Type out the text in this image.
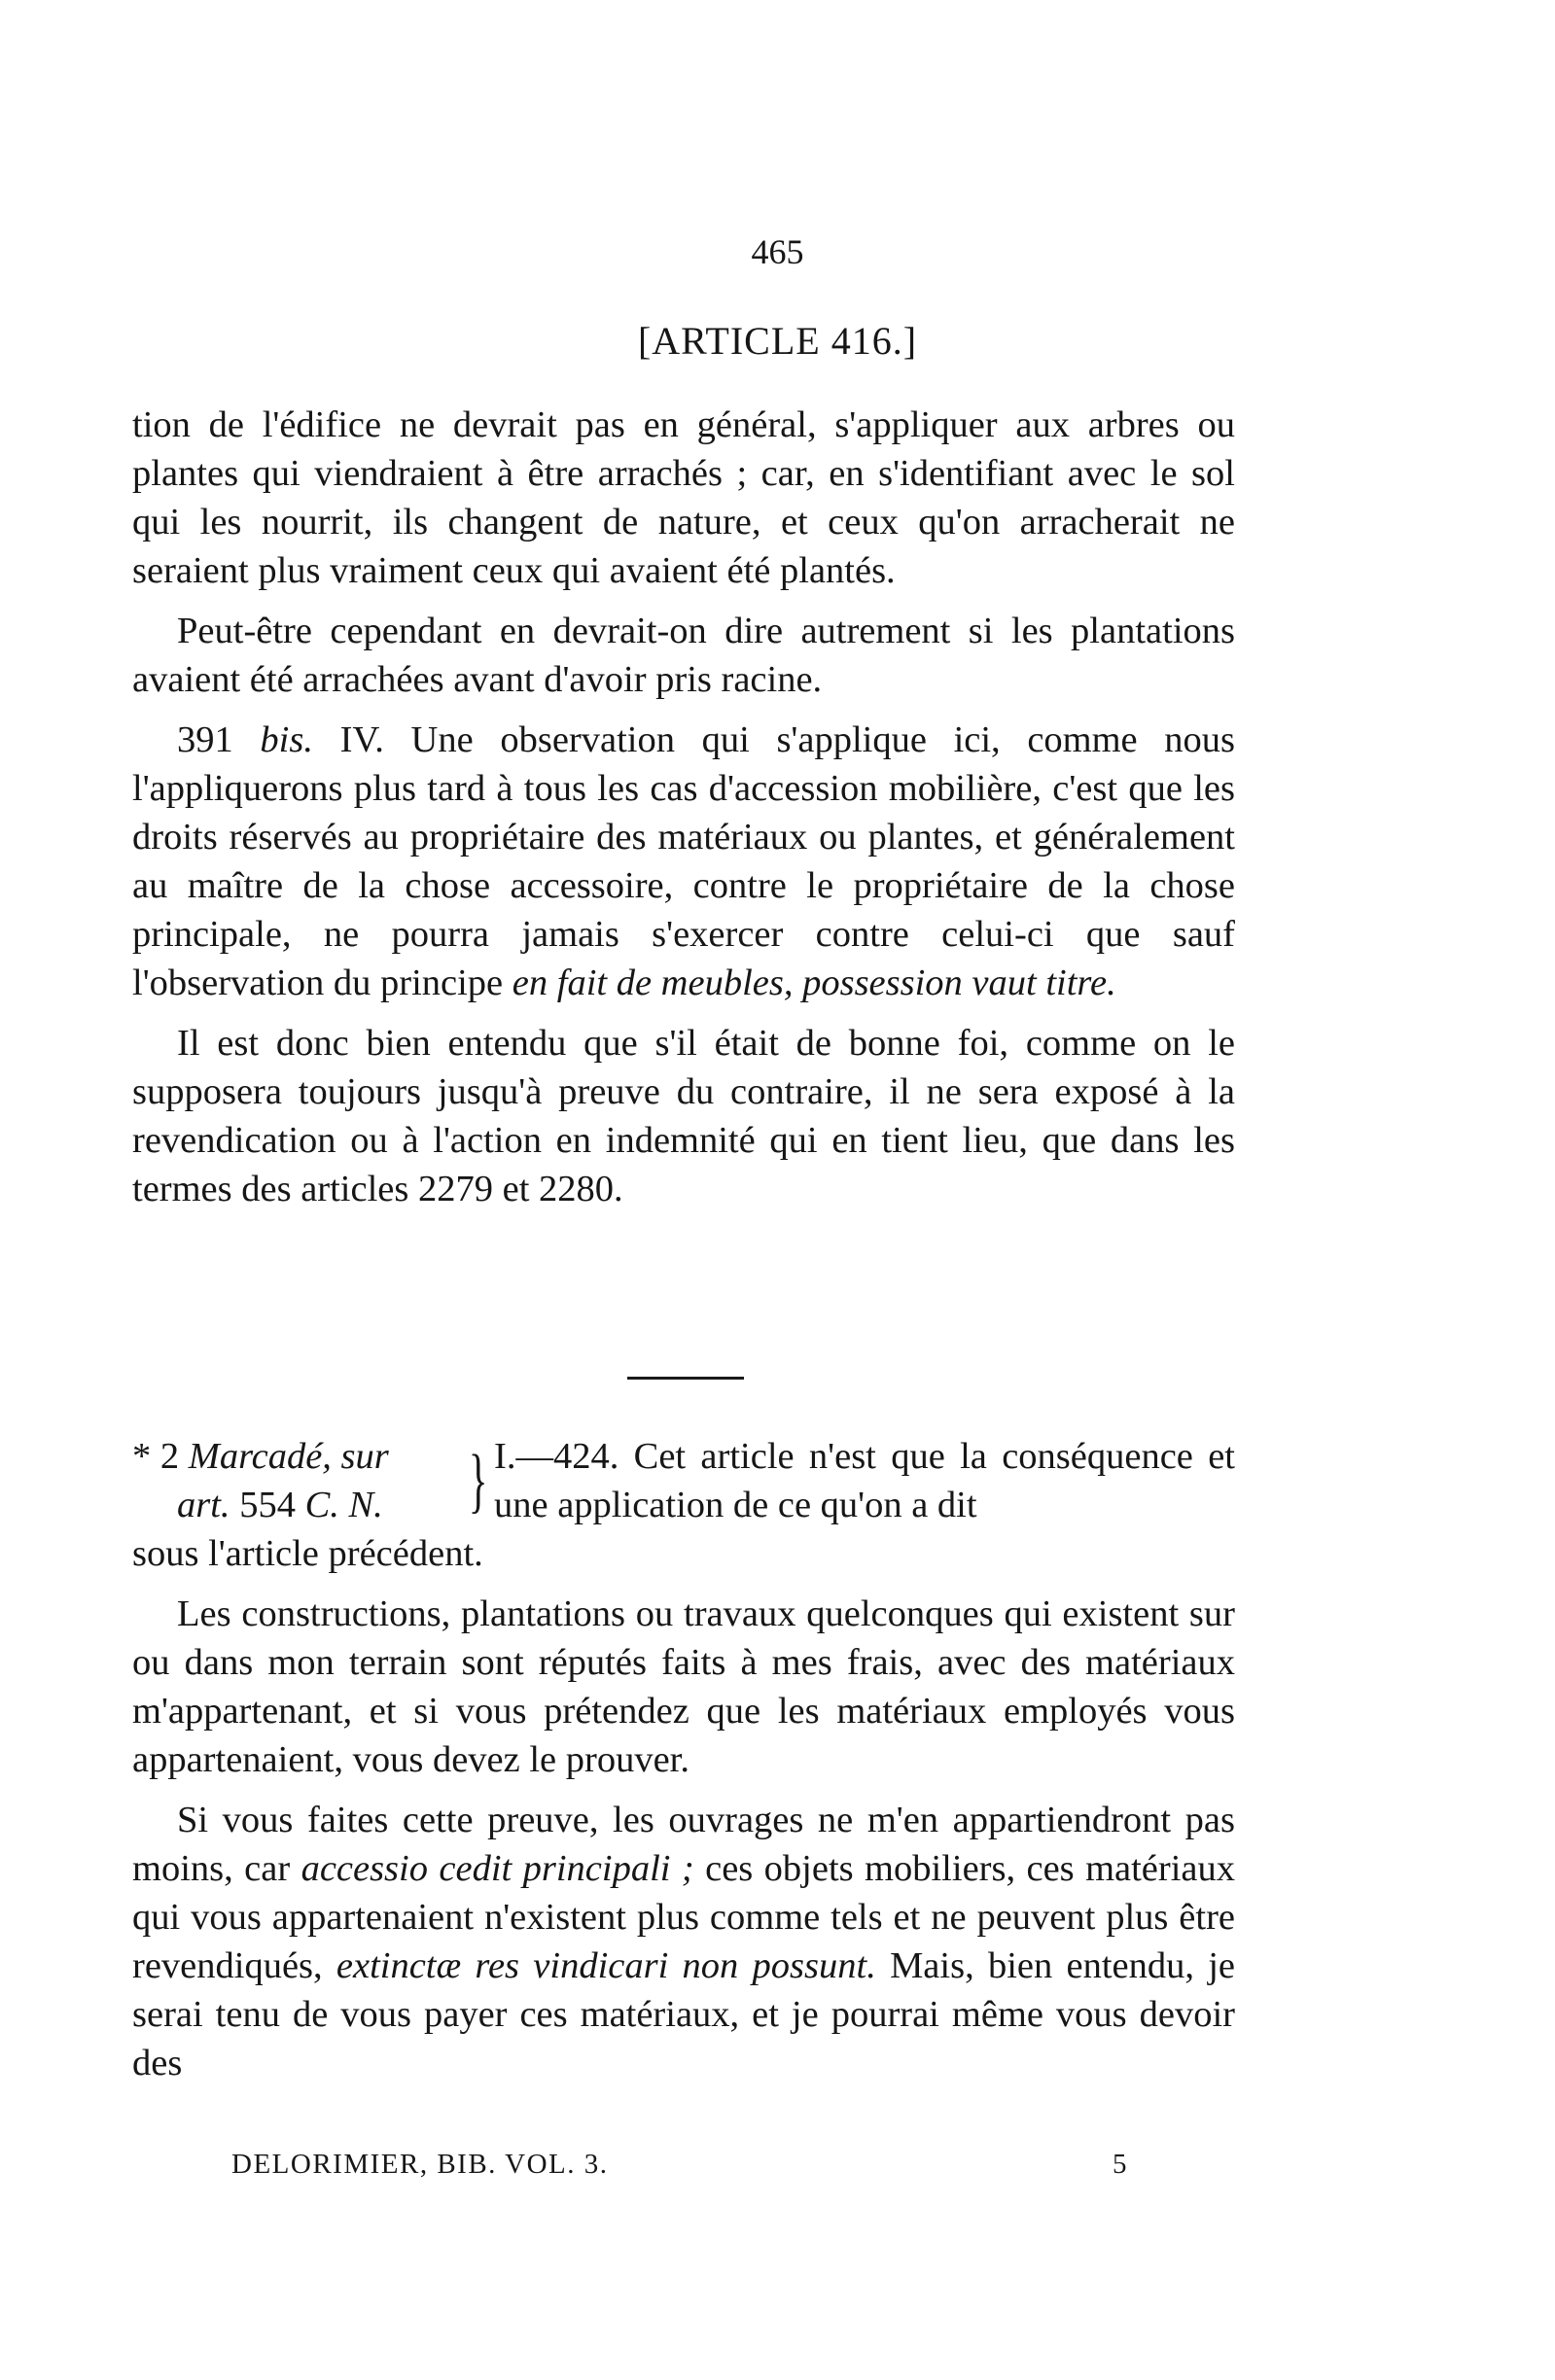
465
[ARTICLE 416.]

tion de l'édifice ne devrait pas en général, s'appliquer aux arbres ou plantes qui viendraient à être arrachés ; car, en s'identifiant avec le sol qui les nourrit, ils changent de nature, et ceux qu'on arracherait ne seraient plus vraiment ceux qui avaient été plantés.

Peut-être cependant en devrait-on dire autrement si les plantations avaient été arrachées avant d'avoir pris racine.

391 bis. IV. Une observation qui s'applique ici, comme nous l'appliquerons plus tard à tous les cas d'accession mobilière, c'est que les droits réservés au propriétaire des matériaux ou plantes, et généralement au maître de la chose accessoire, contre le propriétaire de la chose principale, ne pourra jamais s'exercer contre celui-ci que sauf l'observation du principe en fait de meubles, possession vaut titre.

Il est donc bien entendu que s'il était de bonne foi, comme on le supposera toujours jusqu'à preuve du contraire, il ne sera exposé à la revendication ou à l'action en indemnité qui en tient lieu, que dans les termes des articles 2279 et 2280.

* 2 Marcadé, sur
art. 554 C. N.	} I.—424. Cet article n'est que la conséquence et une application de ce qu'on a dit

sous l'article précédent.

Les constructions, plantations ou travaux quelconques qui existent sur ou dans mon terrain sont réputés faits à mes frais, avec des matériaux m'appartenant, et si vous prétendez que les matériaux employés vous appartenaient, vous devez le prouver.

Si vous faites cette preuve, les ouvrages ne m'en appartiendront pas moins, car accessio cedit principali ; ces objets mobiliers, ces matériaux qui vous appartenaient n'existent plus comme tels et ne peuvent plus être revendiqués, extinctæ res vindicari non possunt. Mais, bien entendu, je serai tenu de vous payer ces matériaux, et je pourrai même vous devoir des

DELORIMIER, BIB. VOL. 3.	5
